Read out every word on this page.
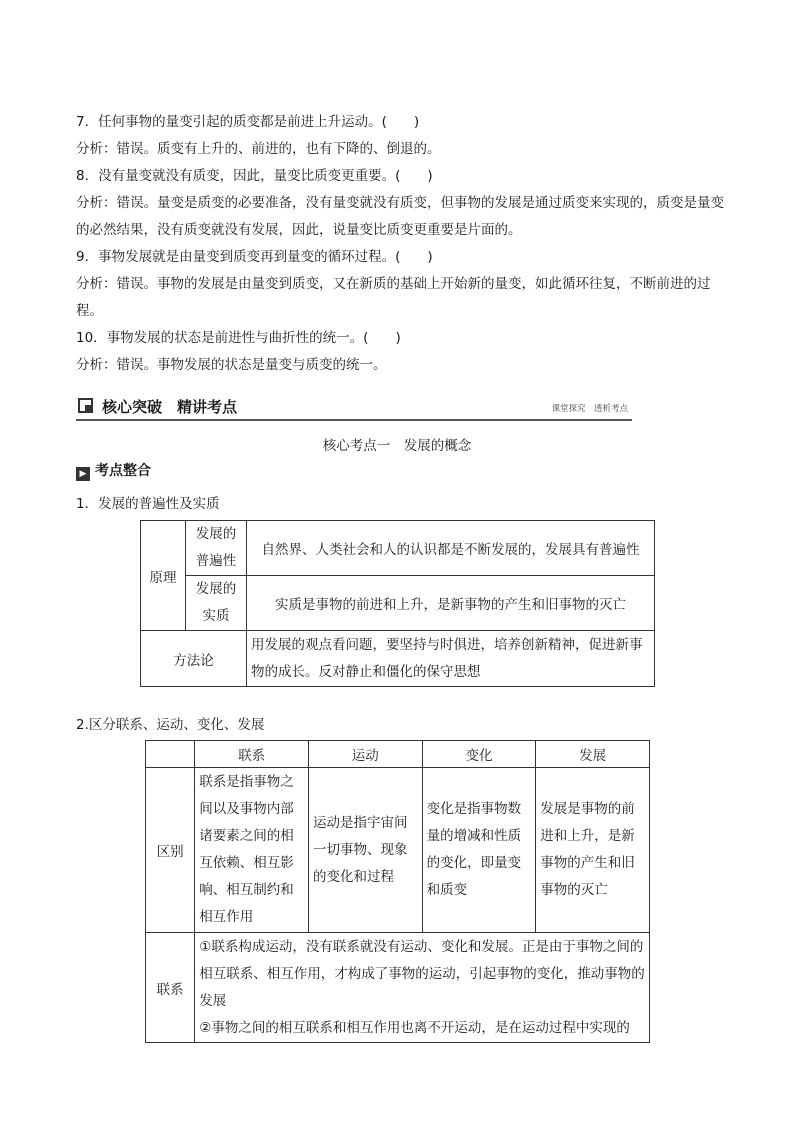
7．任何事物的量变引起的质变都是前进上升运动。(　　)

分析：错误。质变有上升的、前进的，也有下降的、倒退的。

8．没有量变就没有质变，因此，量变比质变更重要。(　　)

分析：错误。量变是质变的必要准备，没有量变就没有质变，但事物的发展是通过质变来实现的，质变是量变的必然结果，没有质变就没有发展，因此，说量变比质变更重要是片面的。

9．事物发展就是由量变到质变再到量变的循环过程。(　　)

分析：错误。事物的发展是由量变到质变，又在新质的基础上开始新的量变，如此循环往复，不断前进的过程。

10．事物发展的状态是前进性与曲折性的统一。(　　)

分析：错误。事物发展的状态是量变与质变的统一。

核心突破　精讲考点	课堂探究　透析考点
核心考点一　发展的概念
▶ 考点整合
1．发展的普遍性及实质
原理	发展的普遍性	自然界、人类社会和人的认识都是不断发展的，发展具有普遍性
	发展的实质	实质是事物的前进和上升，是新事物的产生和旧事物的灭亡
方法论		用发展的观点看问题，要坚持与时俱进，培养创新精神，促进新事物的成长。反对静止和僵化的保守思想
2.区分联系、运动、变化、发展
	联系	运动	变化	发展
区别	联系是指事物之间以及事物内部诸要素之间的相互依赖、相互影响、相互制约和相互作用	运动是指宇宙间一切事物、现象的变化和过程	变化是指事物数量的增减和性质的变化，即量变和质变	发展是事物的前进和上升，是新事物的产生和旧事物的灭亡
联系	①联系构成运动，没有联系就没有运动、变化和发展。正是由于事物之间的相互联系、相互作用，才构成了事物的运动，引起事物的变化，推动事物的发展
②事物之间的相互联系和相互作用也离不开运动，是在运动过程中实现的			
